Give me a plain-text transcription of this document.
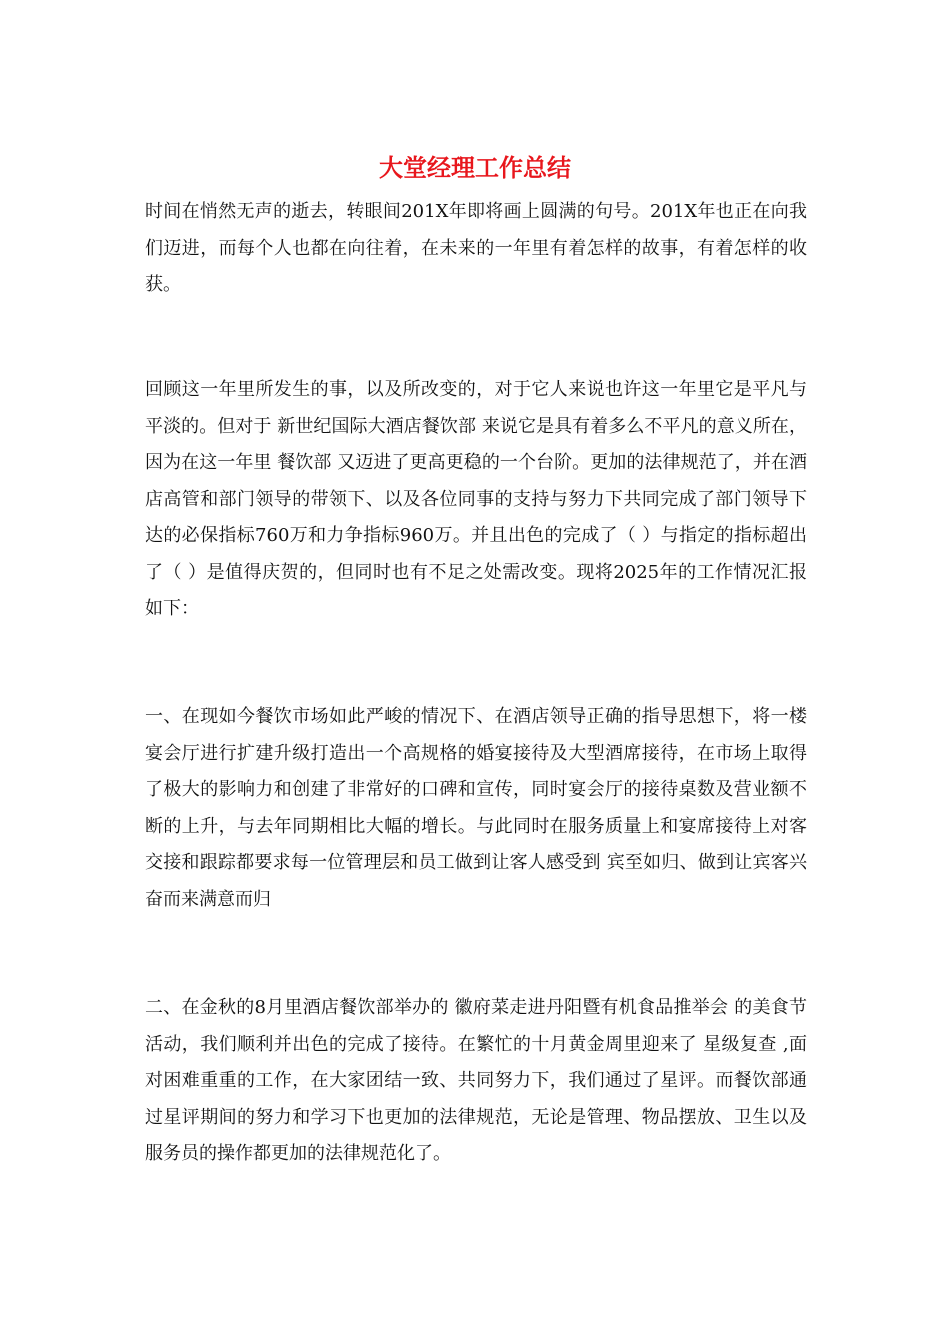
大堂经理工作总结

时间在悄然无声的逝去，转眼间201X年即将画上圆满的句号。201X年也正在向我们迈进，而每个人也都在向往着，在未来的一年里有着怎样的故事，有着怎样的收获。

回顾这一年里所发生的事，以及所改变的，对于它人来说也许这一年里它是平凡与平淡的。但对于 新世纪国际大酒店餐饮部 来说它是具有着多么不平凡的意义所在，因为在这一年里 餐饮部 又迈进了更高更稳的一个台阶。更加的法律规范了，并在酒店高管和部门领导的带领下、以及各位同事的支持与努力下共同完成了部门领导下达的必保指标760万和力争指标960万。并且出色的完成了（ ）与指定的指标超出了（ ）是值得庆贺的，但同时也有不足之处需改变。现将2025年的工作情况汇报如下：

一、在现如今餐饮市场如此严峻的情况下、在酒店领导正确的指导思想下，将一楼宴会厅进行扩建升级打造出一个高规格的婚宴接待及大型酒席接待，在市场上取得了极大的影响力和创建了非常好的口碑和宣传，同时宴会厅的接待桌数及营业额不断的上升，与去年同期相比大幅的增长。与此同时在服务质量上和宴席接待上对客交接和跟踪都要求每一位管理层和员工做到让客人感受到 宾至如归、做到让宾客兴奋而来满意而归

二、在金秋的8月里酒店餐饮部举办的 徽府菜走进丹阳暨有机食品推举会 的美食节活动，我们顺利并出色的完成了接待。在繁忙的十月黄金周里迎来了 星级复查 ,面对困难重重的工作，在大家团结一致、共同努力下，我们通过了星评。而餐饮部通过星评期间的努力和学习下也更加的法律规范，无论是管理、物品摆放、卫生以及服务员的操作都更加的法律规范化了。
